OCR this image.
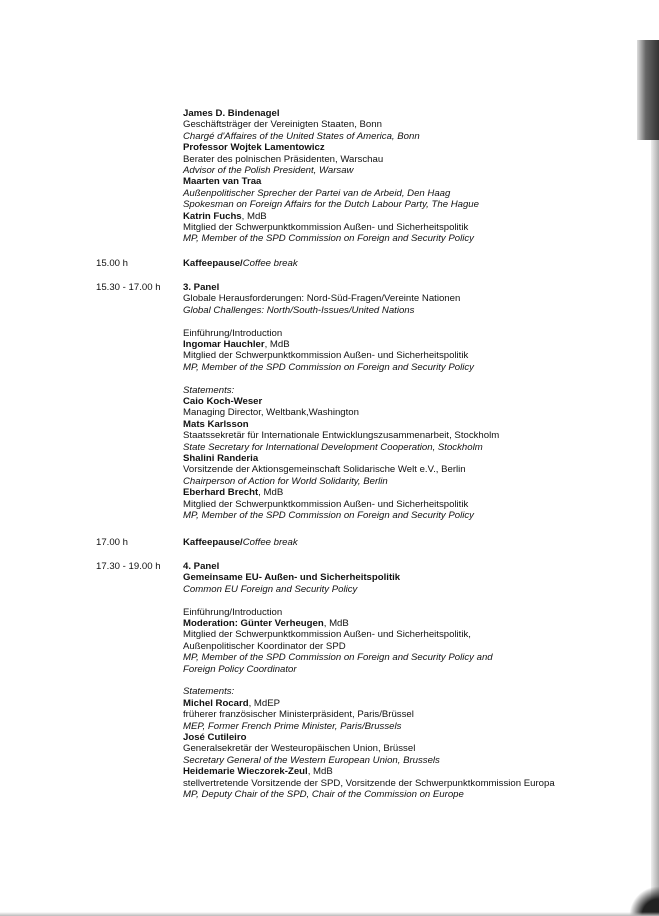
James D. Bindenagel
Geschäftsträger der Vereinigten Staaten, Bonn
Chargé d'Affaires of the United States of America, Bonn
Professor Wojtek Lamentowicz
Berater des polnischen Präsidenten, Warschau
Advisor of the Polish President, Warsaw
Maarten van Traa
Außenpolitischer Sprecher der Partei van de Arbeid, Den Haag
Spokesman on Foreign Affairs for the Dutch Labour Party, The Hague
Katrin Fuchs, MdB
Mitglied der Schwerpunktkommission Außen- und Sicherheitspolitik
MP, Member of the SPD Commission on Foreign and Security Policy
15.00 h	Kaffeepause/Coffee break
15.30 - 17.00 h 3. Panel
Globale Herausforderungen: Nord-Süd-Fragen/Vereinte Nationen
Global Challenges: North/South-Issues/United Nations
Einführung/Introduction
Ingomar Hauchler, MdB
Mitglied der Schwerpunktkommission Außen- und Sicherheitspolitik
MP, Member of the SPD Commission on Foreign and Security Policy
Statements:
Caio Koch-Weser
Managing Director, Weltbank,Washington
Mats Karlsson
Staatssekretär für Internationale Entwicklungszusammenarbeit, Stockholm
State Secretary for International Development Cooperation, Stockholm
Shalini Randeria
Vorsitzende der Aktionsgemeinschaft Solidarische Welt e.V., Berlin
Chairperson of Action for World Solidarity, Berlin
Eberhard Brecht, MdB
Mitglied der Schwerpunktkommission Außen- und Sicherheitspolitik
MP, Member of the SPD Commission on Foreign and Security Policy
17.00 h	Kaffeepause/Coffee break
17.30 - 19.00 h 4. Panel
Gemeinsame EU- Außen- und Sicherheitspolitik
Common EU Foreign and Security Policy
Einführung/Introduction
Moderation: Günter Verheugen, MdB
Mitglied der Schwerpunktkommission Außen- und Sicherheitspolitik,
Außenpolitischer Koordinator der SPD
MP, Member of the SPD Commission on Foreign and Security Policy and
Foreign Policy Coordinator
Statements:
Michel Rocard, MdEP
früherer französischer Ministerpräsident, Paris/Brüssel
MEP, Former French Prime Minister, Paris/Brussels
José Cutileiro
Generalsekretär der Westeuropäischen Union, Brüssel
Secretary General of the Western European Union, Brussels
Heidemarie Wieczorek-Zeul, MdB
stellvertretende Vorsitzende der SPD, Vorsitzende der Schwerpunktkommission Europa
MP, Deputy Chair of the SPD, Chair of the Commission on Europe
